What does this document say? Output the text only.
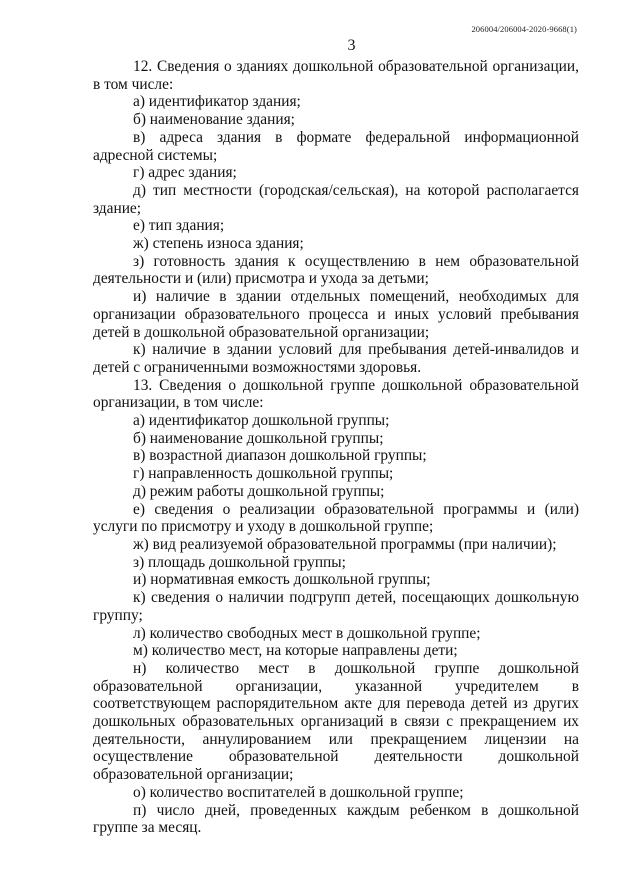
206004/206004-2020-9668(1)
3

12. Сведения о зданиях дошкольной образовательной организации, в том числе:

а) идентификатор здания;

б) наименование здания;

в) адреса здания в формате федеральной информационной адресной системы;

г) адрес здания;

д) тип местности (городская/сельская), на которой располагается здание;

е) тип здания;

ж) степень износа здания;

з) готовность здания к осуществлению в нем образовательной деятельности и (или) присмотра и ухода за детьми;

и) наличие в здании отдельных помещений, необходимых для организации образовательного процесса и иных условий пребывания детей в дошкольной образовательной организации;

к) наличие в здании условий для пребывания детей-инвалидов и детей с ограниченными возможностями здоровья.

13. Сведения о дошкольной группе дошкольной образовательной организации, в том числе:

а) идентификатор дошкольной группы;

б) наименование дошкольной группы;

в) возрастной диапазон дошкольной группы;

г) направленность дошкольной группы;

д) режим работы дошкольной группы;

е) сведения о реализации образовательной программы и (или) услуги по присмотру и уходу в дошкольной группе;

ж) вид реализуемой образовательной программы (при наличии);

з) площадь дошкольной группы;

и) нормативная емкость дошкольной группы;

к) сведения о наличии подгрупп детей, посещающих дошкольную группу;

л) количество свободных мест в дошкольной группе;

м) количество мест, на которые направлены дети;

н) количество мест в дошкольной группе дошкольной образовательной организации, указанной учредителем в соответствующем распорядительном акте для перевода детей из других дошкольных образовательных организаций в связи с прекращением их деятельности, аннулированием или прекращением лицензии на осуществление образовательной деятельности дошкольной образовательной организации;

о) количество воспитателей в дошкольной группе;

п) число дней, проведенных каждым ребенком в дошкольной группе за месяц.
